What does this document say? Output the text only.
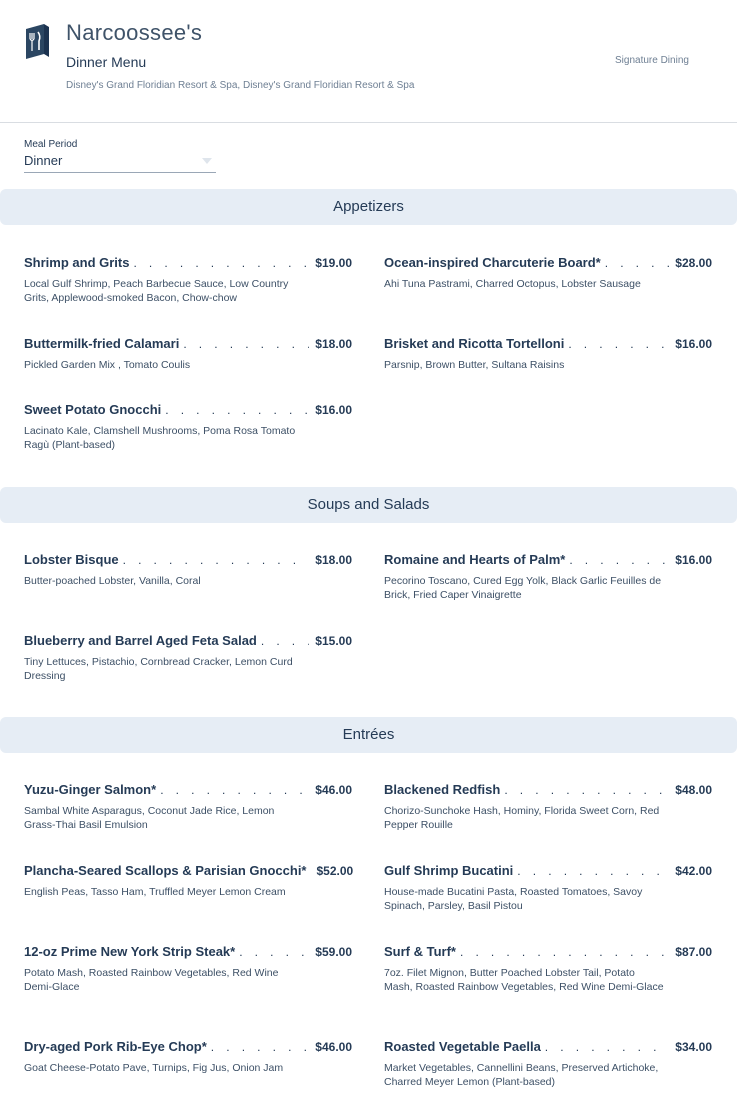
Narcoossee's
Dinner Menu
Disney's Grand Floridian Resort & Spa, Disney's Grand Floridian Resort & Spa
Signature Dining
Meal Period
Dinner
Appetizers
Shrimp and Grits . . .	$19.00
Local Gulf Shrimp, Peach Barbecue Sauce, Low Country Grits, Applewood-smoked Bacon, Chow-chow
Ocean-inspired Charcuterie Board* . . .	$28.00
Ahi Tuna Pastrami, Charred Octopus, Lobster Sausage
Buttermilk-fried Calamari . . .	$18.00
Pickled Garden Mix , Tomato Coulis
Brisket and Ricotta Tortelloni . . .	$16.00
Parsnip, Brown Butter, Sultana Raisins
Sweet Potato Gnocchi . . .	$16.00
Lacinato Kale, Clamshell Mushrooms, Poma Rosa Tomato Ragù (Plant-based)
Soups and Salads
Lobster Bisque . . .	$18.00
Butter-poached Lobster, Vanilla, Coral
Romaine and Hearts of Palm* . . .	$16.00
Pecorino Toscano, Cured Egg Yolk, Black Garlic Feuilles de Brick, Fried Caper Vinaigrette
Blueberry and Barrel Aged Feta Salad . . .	$15.00
Tiny Lettuces, Pistachio, Cornbread Cracker, Lemon Curd Dressing
Entrées
Yuzu-Ginger Salmon* . . .	$46.00
Sambal White Asparagus, Coconut Jade Rice, Lemon Grass-Thai Basil Emulsion
Blackened Redfish . . .	$48.00
Chorizo-Sunchoke Hash, Hominy, Florida Sweet Corn, Red Pepper Rouille
Plancha-Seared Scallops & Parisian Gnocchi* $52.00
English Peas, Tasso Ham, Truffled Meyer Lemon Cream
Gulf Shrimp Bucatini . . .	$42.00
House-made Bucatini Pasta, Roasted Tomatoes, Savoy Spinach, Parsley, Basil Pistou
12-oz Prime New York Strip Steak* . . .	$59.00
Potato Mash, Roasted Rainbow Vegetables, Red Wine Demi-Glace
Surf & Turf* . . .	$87.00
7oz. Filet Mignon, Butter Poached Lobster Tail, Potato Mash, Roasted Rainbow Vegetables, Red Wine Demi-Glace
Dry-aged Pork Rib-Eye Chop* . . .	$46.00
Goat Cheese-Potato Pave, Turnips, Fig Jus, Onion Jam
Roasted Vegetable Paella . . .	$34.00
Market Vegetables, Cannellini Beans, Preserved Artichoke, Charred Meyer Lemon (Plant-based)
